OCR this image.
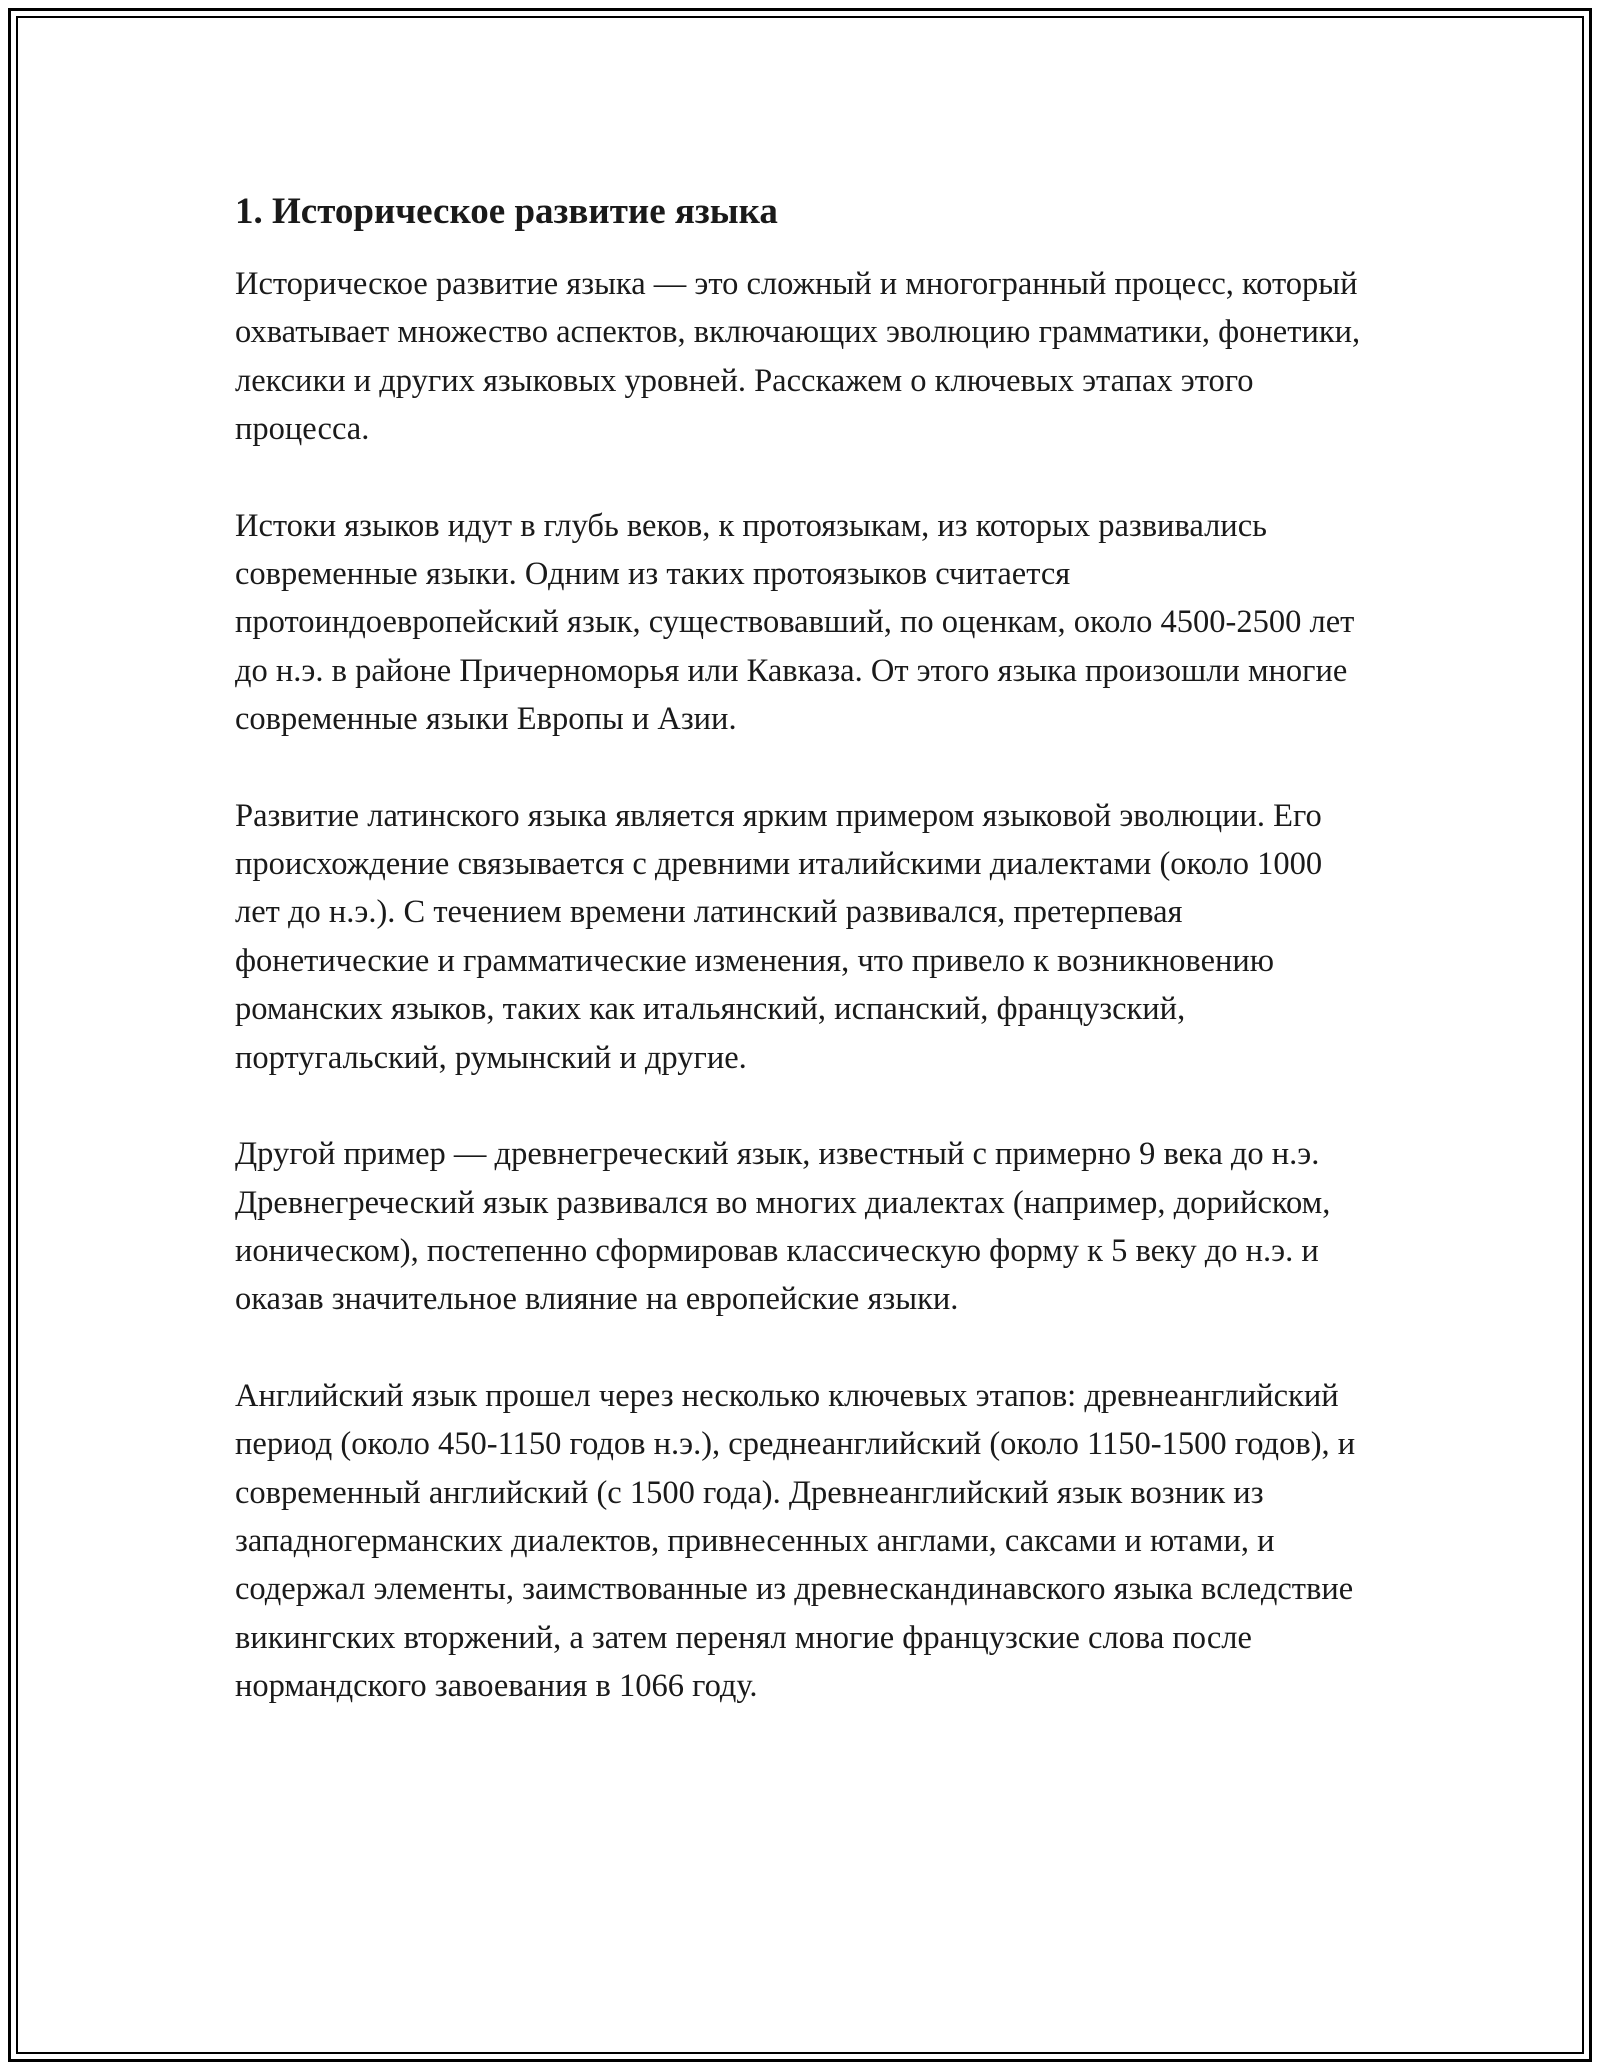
1. Историческое развитие языка

Историческое развитие языка — это сложный и многогранный процесс, который охватывает множество аспектов, включающих эволюцию грамматики, фонетики, лексики и других языковых уровней. Расскажем о ключевых этапах этого процесса.

Истоки языков идут в глубь веков, к протоязыкам, из которых развивались современные языки. Одним из таких протоязыков считается протоиндоевропейский язык, существовавший, по оценкам, около 4500-2500 лет до н.э. в районе Причерноморья или Кавказа. От этого языка произошли многие современные языки Европы и Азии.

Развитие латинского языка является ярким примером языковой эволюции. Его происхождение связывается с древними италийскими диалектами (около 1000 лет до н.э.). С течением времени латинский развивался, претерпевая фонетические и грамматические изменения, что привело к возникновению романских языков, таких как итальянский, испанский, французский, португальский, румынский и другие.

Другой пример — древнегреческий язык, известный с примерно 9 века до н.э. Древнегреческий язык развивался во многих диалектах (например, дорийском, ионическом), постепенно сформировав классическую форму к 5 веку до н.э. и оказав значительное влияние на европейские языки.

Английский язык прошел через несколько ключевых этапов: древнеанглийский период (около 450-1150 годов н.э.), среднеанглийский (около 1150-1500 годов), и современный английский (с 1500 года). Древнеанглийский язык возник из западногерманских диалектов, привнесенных англами, саксами и ютами, и содержал элементы, заимствованные из древнескандинавского языка вследствие викингских вторжений, а затем перенял многие французские слова после нормандского завоевания в 1066 году.
